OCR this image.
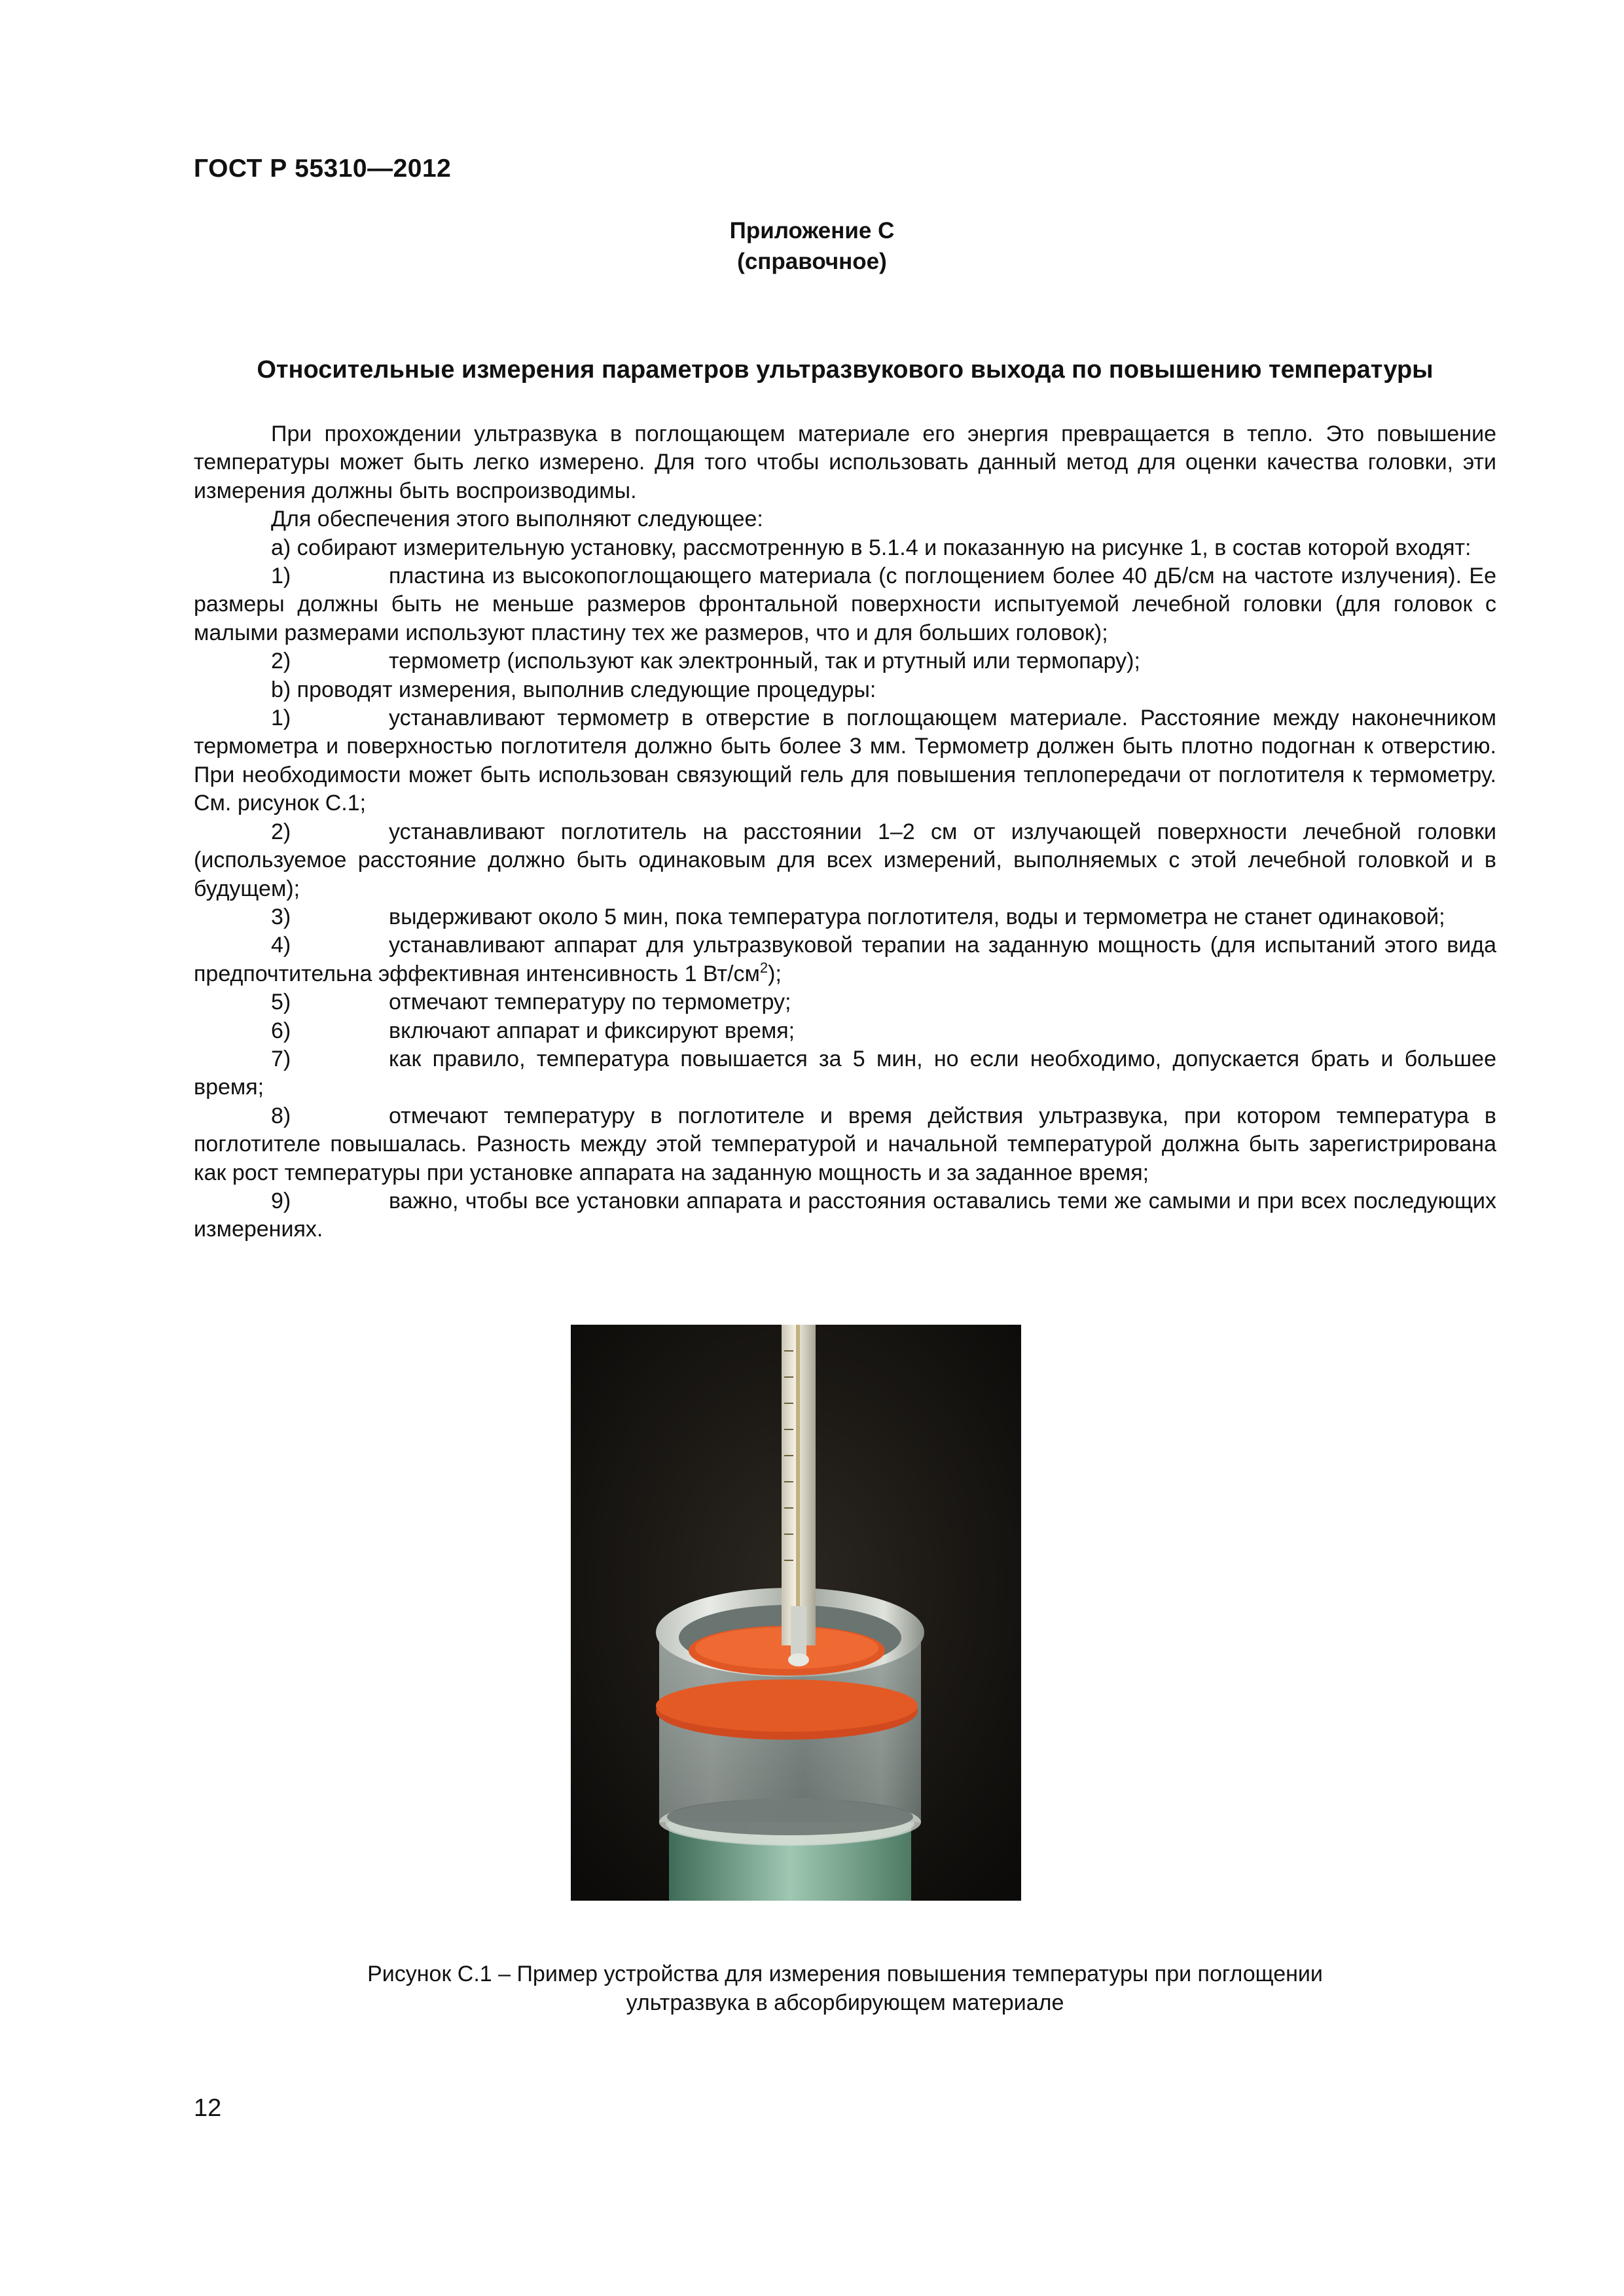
ГОСТ Р 55310—2012
Приложение С
(справочное)
Относительные измерения параметров ультразвукового выхода по повышению температуры

При прохождении ультразвука в поглощающем материале его энергия превращается в тепло. Это повышение температуры может быть легко измерено. Для того чтобы использовать данный метод для оценки качества головки, эти измерения должны быть воспроизводимы.

Для обеспечения этого выполняют следующее:

a) собирают измерительную установку, рассмотренную в 5.1.4 и показанную на рисунке 1, в состав которой входят:

1)	пластина из высокопоглощающего материала (с поглощением более 40 дБ/см на частоте излучения). Ее размеры должны быть не меньше размеров фронтальной поверхности испытуемой лечебной головки (для головок с малыми размерами используют пластину тех же размеров, что и для больших головок);

2)	термометр (используют как электронный, так и ртутный или термопару);

b) проводят измерения, выполнив следующие процедуры:

1)	устанавливают термометр в отверстие в поглощающем материале. Расстояние между наконечником термометра и поверхностью поглотителя должно быть более 3 мм. Термометр должен быть плотно подогнан к отверстию. При необходимости может быть использован связующий гель для повышения теплопередачи от поглотителя к термометру. См. рисунок С.1;

2)	устанавливают поглотитель на расстоянии 1–2 см от излучающей поверхности лечебной головки (используемое расстояние должно быть одинаковым для всех измерений, выполняемых с этой лечебной головкой и в будущем);

3)	выдерживают около 5 мин, пока температура поглотителя, воды и термометра не станет одинаковой;

4)	устанавливают аппарат для ультразвуковой терапии на заданную мощность (для испытаний этого вида предпочтительна эффективная интенсивность 1 $Вт/см^2$);

5)	отмечают температуру по термометру;

6)	включают аппарат и фиксируют время;

7)	как правило, температура повышается за 5 мин, но если необходимо, допускается брать и большее время;

8)	отмечают температуру в поглотителе и время действия ультразвука, при котором температура в поглотителе повышалась. Разность между этой температурой и начальной температурой должна быть зарегистрирована как рост температуры при установке аппарата на заданную мощность и за заданное время;

9)	важно, чтобы все установки аппарата и расстояния оставались теми же самыми и при всех последующих измерениях.

Рисунок С.1 – Пример устройства для измерения повышения температуры при поглощении
ультразвука в абсорбирующем материале
12
